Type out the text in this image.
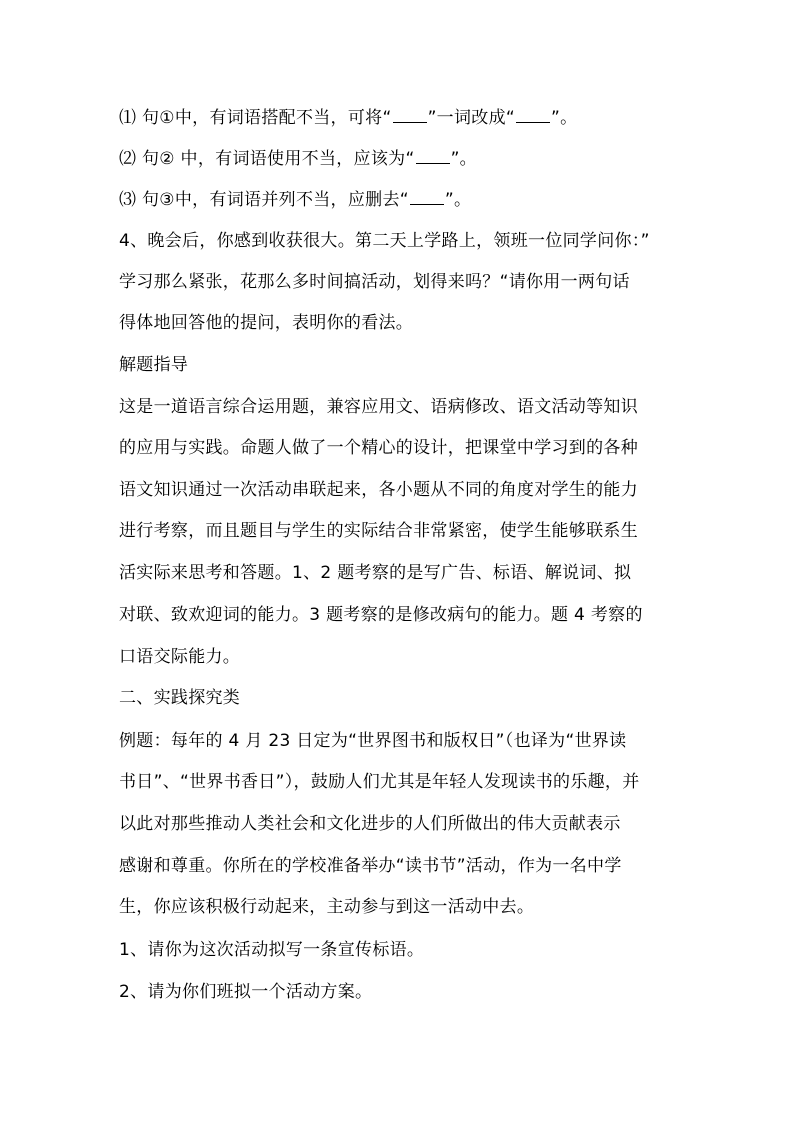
⑴ 句①中，有词语搭配不当，可将“ ”一词改成“ ”。
⑵ 句② 中，有词语使用不当，应该为“ ”。
⑶ 句③中，有词语并列不当，应删去“ ”。
4、晚会后，你感到收获很大。第二天上学路上，领班一位同学问你：”
学习那么紧张，花那么多时间搞活动，划得来吗？“请你用一两句话
得体地回答他的提问，表明你的看法。
解题指导
这是一道语言综合运用题，兼容应用文、语病修改、语文活动等知识
的应用与实践。命题人做了一个精心的设计，把课堂中学习到的各种
语文知识通过一次活动串联起来，各小题从不同的角度对学生的能力
进行考察，而且题目与学生的实际结合非常紧密，使学生能够联系生
活实际来思考和答题。1、2 题考察的是写广告、标语、解说词、拟
对联、致欢迎词的能力。3 题考察的是修改病句的能力。题 4 考察的
口语交际能力。
二、实践探究类
例题：每年的 4 月 23 日定为“世界图书和版权日”（也译为“世界读
书日”、“世界书香日”），鼓励人们尤其是年轻人发现读书的乐趣，并
以此对那些推动人类社会和文化进步的人们所做出的伟大贡献表示
感谢和尊重。你所在的学校准备举办“读书节”活动，作为一名中学
生，你应该积极行动起来，主动参与到这一活动中去。
1、请你为这次活动拟写一条宣传标语。
2、请为你们班拟一个活动方案。
